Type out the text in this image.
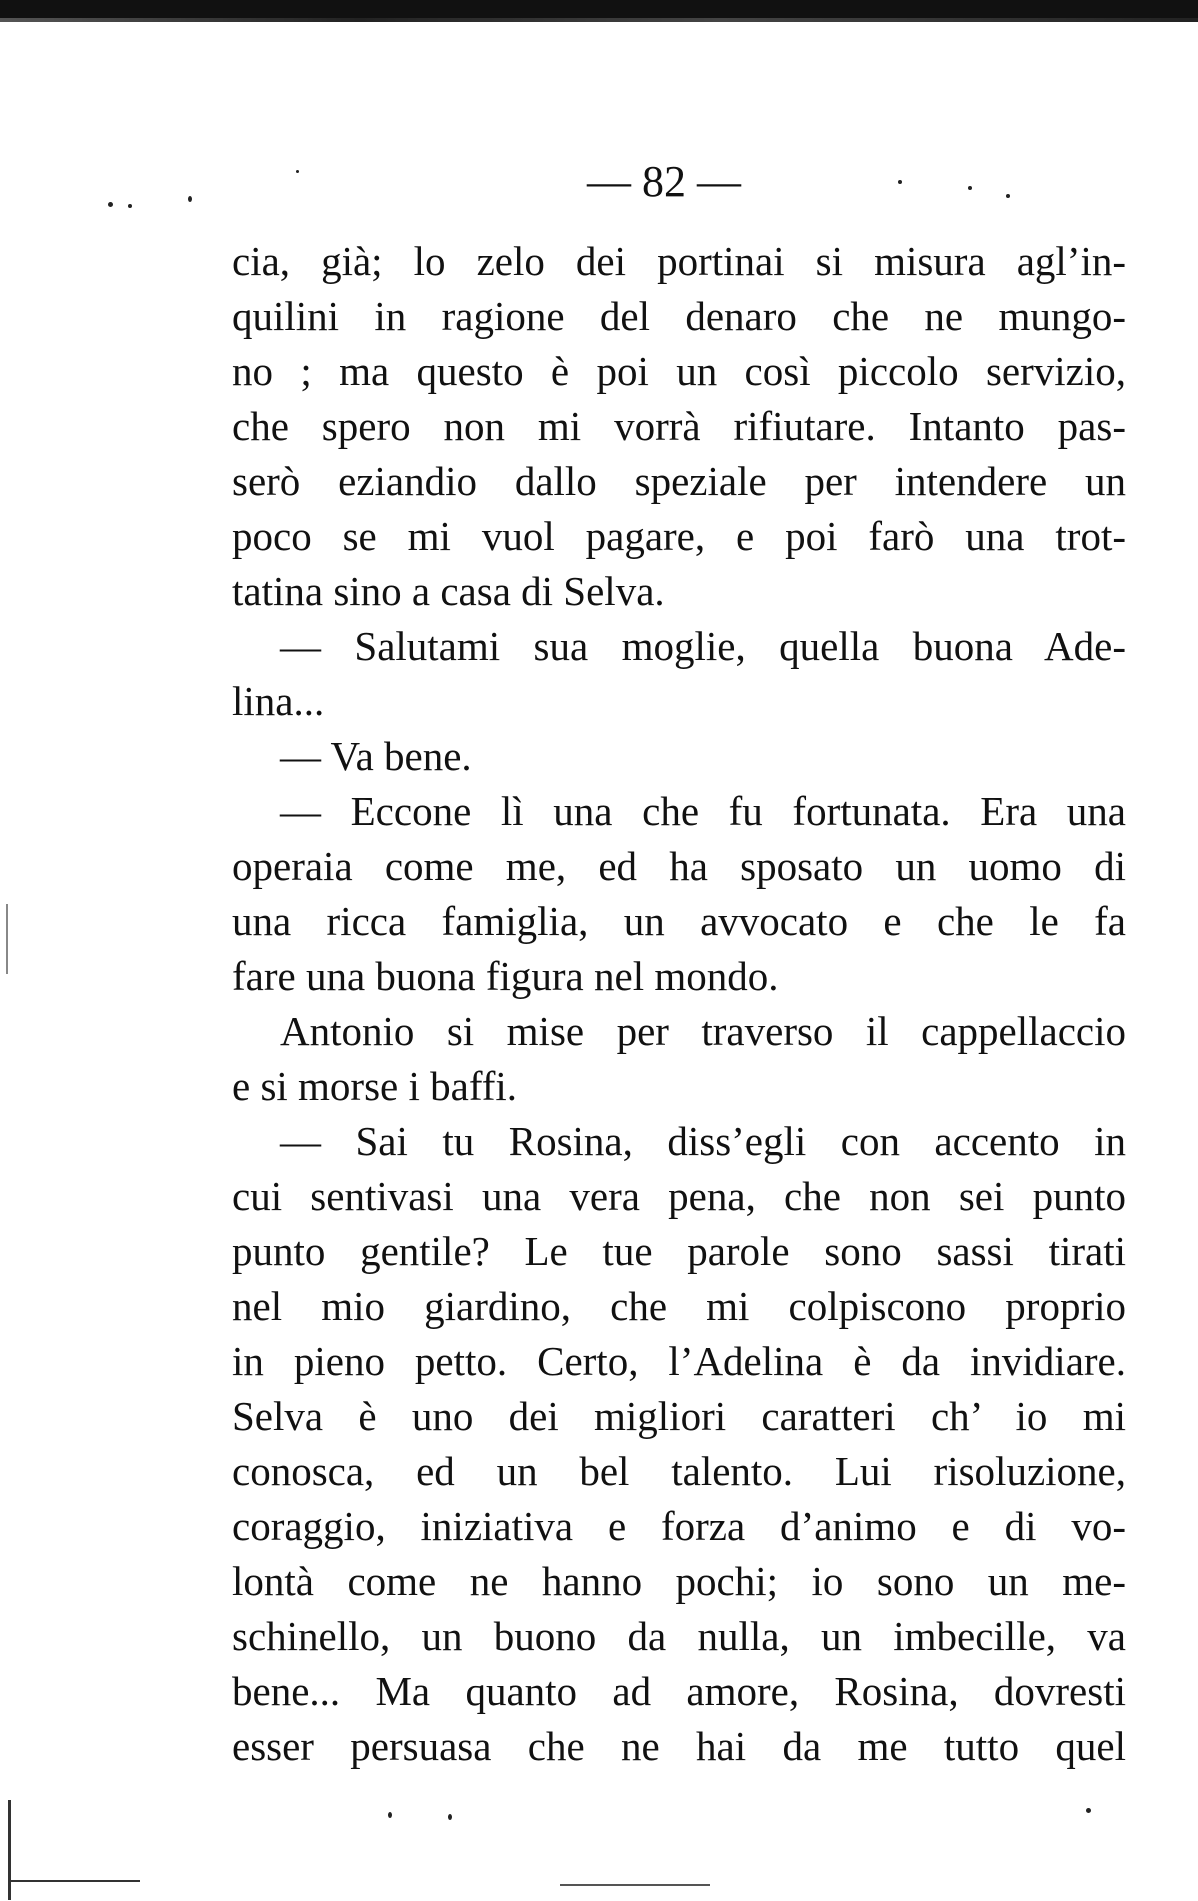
— 82 —
cia, già; lo zelo dei portinai si misura agl’in-
quilini in ragione del denaro che ne mungo-
no ; ma questo è poi un così piccolo servizio,
che spero non mi vorrà rifiutare. Intanto pas-
serò eziandio dallo speziale per intendere un
poco se mi vuol pagare, e poi farò una trot-
tatina sino a casa di Selva.
— Salutami sua moglie, quella buona Ade-
lina...
— Va bene.
— Eccone lì una che fu fortunata. Era una
operaia come me, ed ha sposato un uomo di
una ricca famiglia, un avvocato e che le fa
fare una buona figura nel mondo.
Antonio si mise per traverso il cappellaccio
e si morse i baffi.
— Sai tu Rosina, diss’egli con accento in
cui sentivasi una vera pena, che non sei punto
punto gentile? Le tue parole sono sassi tirati
nel mio giardino, che mi colpiscono proprio
in pieno petto. Certo, l’Adelina è da invidiare.
Selva è uno dei migliori caratteri ch’ io mi
conosca, ed un bel talento. Lui risoluzione,
coraggio, iniziativa e forza d’animo e di vo-
lontà come ne hanno pochi; io sono un me-
schinello, un buono da nulla, un imbecille, va
bene... Ma quanto ad amore, Rosina, dovresti
esser persuasa che ne hai da me tutto quel
